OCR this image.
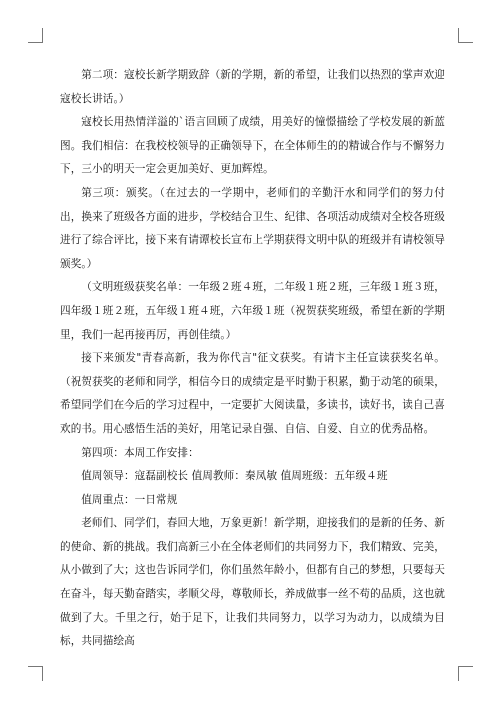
第二项：寇校长新学期致辞（新的学期，新的希望，让我们以热烈的掌声欢迎寇校长讲话。）

寇校长用热情洋溢的`语言回顾了成绩，用美好的憧憬描绘了学校发展的新蓝图。我们相信：在我校校领导的正确领导下，在全体师生的的精诚合作与不懈努力下，三小的明天一定会更加美好、更加辉煌。

第三项：颁奖。（在过去的一学期中，老师们的辛勤汗水和同学们的努力付出，换来了班级各方面的进步，学校结合卫生、纪律、各项活动成绩对全校各班级进行了综合评比，接下来有请谭校长宣布上学期获得文明中队的班级并有请校领导颁奖。）

（文明班级获奖名单：一年级２班４班，二年级１班２班，三年级１班３班，四年级１班２班，五年级１班４班，六年级１班（祝贺获奖班级，希望在新的学期里，我们一起再接再厉，再创佳绩。）

接下来颁发"青春高新，我为你代言"征文获奖。有请卞主任宣读获奖名单。（祝贺获奖的老师和同学，相信今日的成绩定是平时勤于积累，勤于动笔的硕果，希望同学们在今后的学习过程中，一定要扩大阅读量，多读书，读好书，读自己喜欢的书。用心感悟生活的美好，用笔记录自强、自信、自爱、自立的优秀品格。

第四项：本周工作安排：

值周领导：寇磊副校长 值周教师：秦凤敏 值周班级：五年级４班

值周重点：一日常规

老师们、同学们，春回大地，万象更新！新学期，迎接我们的是新的任务、新的使命、新的挑战。我们高新三小在全体老师们的共同努力下，我们精致、完美，从小做到了大；这也告诉同学们，你们虽然年龄小，但都有自己的梦想，只要每天在奋斗，每天勤奋踏实，孝顺父母，尊敬师长，养成做事一丝不苟的品质，这也就做到了大。千里之行，始于足下，让我们共同努力，以学习为动力，以成绩为目标，共同描绘高
